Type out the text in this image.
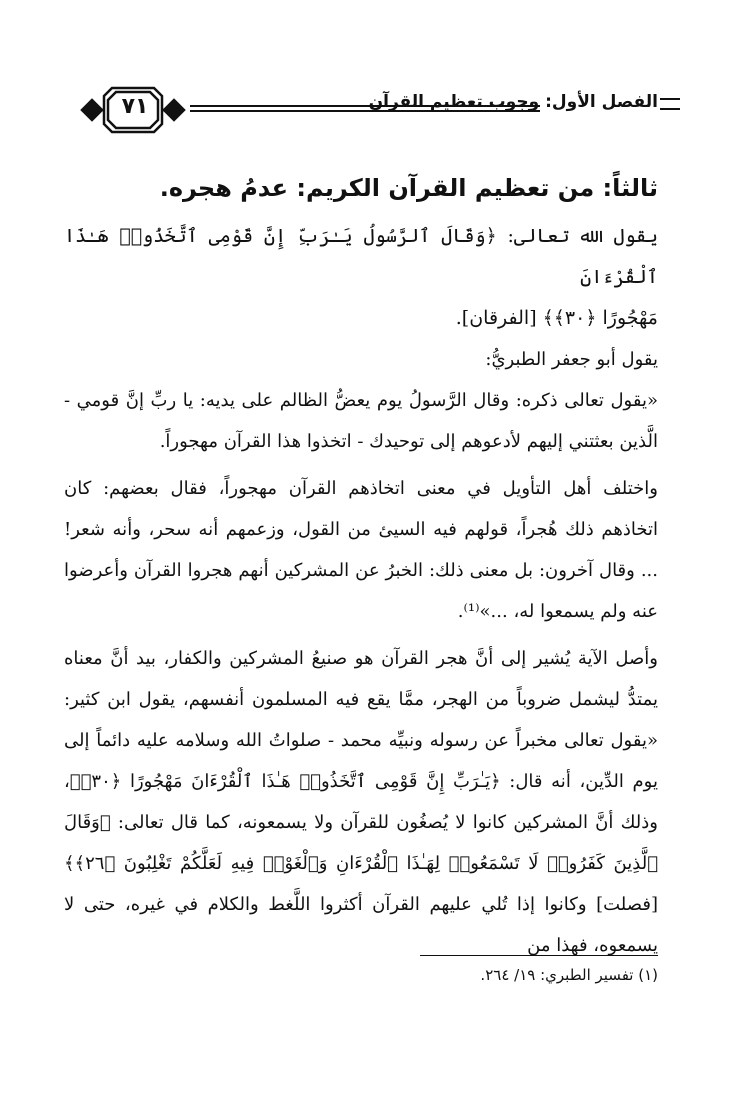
٧١	الفصل الأول: وجوب تعظيم القرآن
ثالثاً: من تعظيم القرآن الكريم: عدمُ هجره.

يقول الله تعالى: ﴿وَقَالَ ٱلرَّسُولُ يَـٰرَبِّ إِنَّ قَوْمِى ٱتَّخَذُوا۟ هَـٰذَا ٱلْقُرْءَانَ

مَهْجُورًا ﴿٣٠﴾﴾ [الفرقان].

يقول أبو جعفر الطبريُّ:

«يقول تعالى ذكره: وقال الرَّسولُ يوم يعضُّ الظالم على يديه: يا ربِّ إنَّ قومي - الَّذين بعثتني إليهم لأدعوهم إلى توحيدك - اتخذوا هذا القرآن مهجوراً.

واختلف أهل التأويل في معنى اتخاذهم القرآن مهجوراً، فقال بعضهم: كان اتخاذهم ذلك هُجراً، قولهم فيه السيئ من القول، وزعمهم أنه سحر، وأنه شعر! ... وقال آخرون: بل معنى ذلك: الخبرُ عن المشركين أنهم هجروا القرآن وأعرضوا عنه ولم يسمعوا له، ...»⁽¹⁾.

وأصل الآية يُشير إلى أنَّ هجر القرآن هو صنيعُ المشركين والكفار، بيد أنَّ معناه يمتدُّ ليشمل ضروباً من الهجر، ممَّا يقع فيه المسلمون أنفسهم، يقول ابن كثير: «يقول تعالى مخبراً عن رسوله ونبيِّه محمد - صلواتُ الله وسلامه عليه دائماً إلى يوم الدِّين، أنه قال: ﴿يَـٰرَبِّ إِنَّ قَوْمِى ٱتَّخَذُوا۟ هَـٰذَا ٱلْقُرْءَانَ مَهْجُورًا ﴿٣٠﴾﴾، وذلك أنَّ المشركين كانوا لا يُصغُون للقرآن ولا يسمعونه، كما قال تعالى: ﴿وَقَالَ ٱلَّذِينَ كَفَرُوا۟ لَا تَسْمَعُوا۟ لِهَـٰذَا ٱلْقُرْءَانِ وَٱلْغَوْا۟ فِيهِ لَعَلَّكُمْ تَغْلِبُونَ ﴿٢٦﴾﴾ [فصلت] وكانوا إذا تُلي عليهم القرآن أكثروا اللَّغط والكلام في غيره، حتى لا يسمعوه، فهذا من

(١) تفسير الطبري: ١٩/ ٢٦٤.
